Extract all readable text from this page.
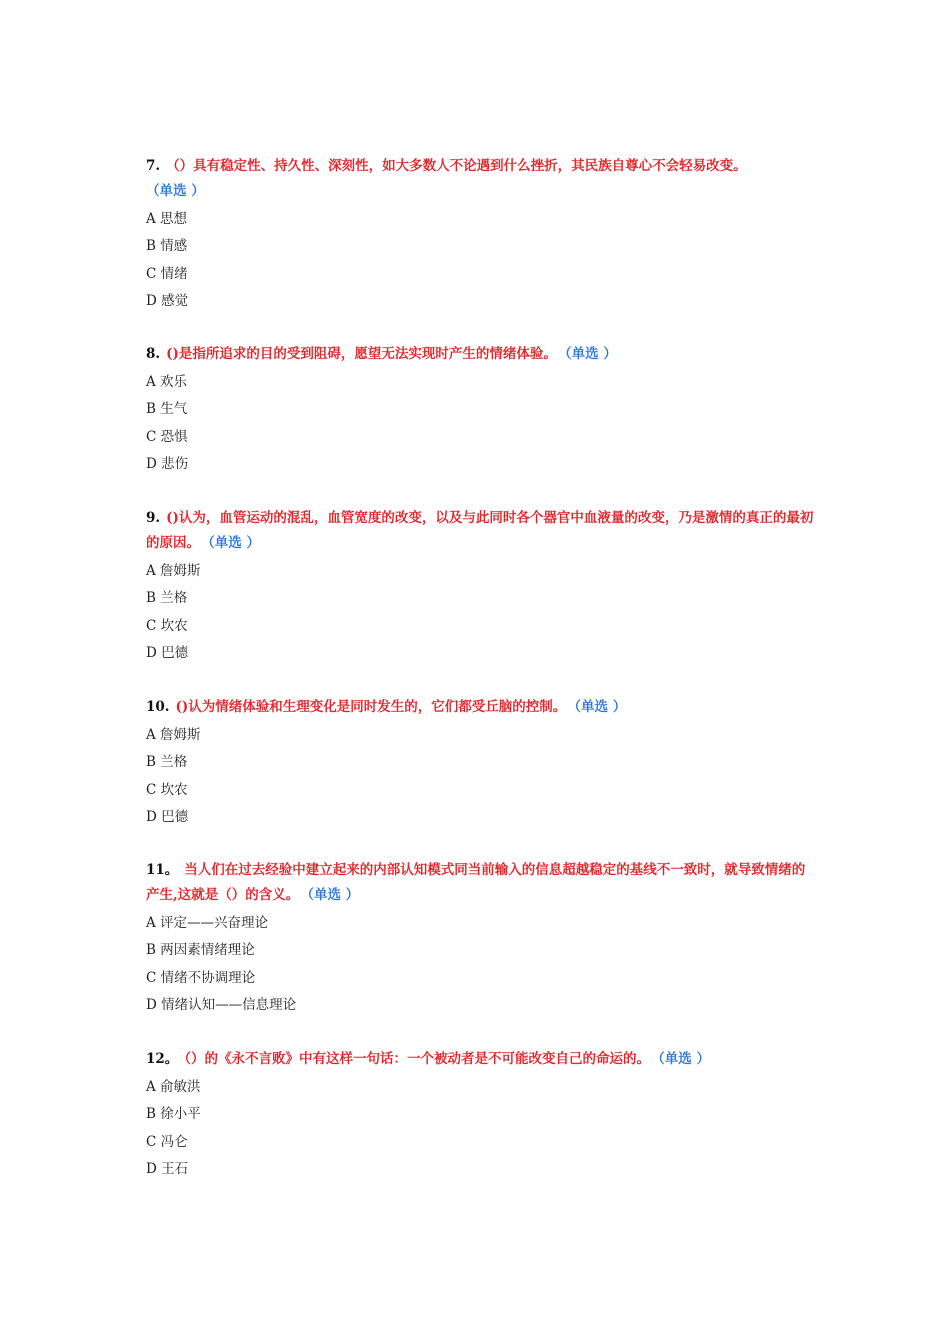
7. （）具有稳定性、持久性、深刻性，如大多数人不论遇到什么挫折，其民族自尊心不会轻易改变。
（单选 ）

A 思想
B 情感
C 情绪
D 感觉

8. ()是指所追求的目的受到阻碍，愿望无法实现时产生的情绪体验。 （单选 ）

A 欢乐
B 生气
C 恐惧
D 悲伤

9. ()认为，血管运动的混乱，血管宽度的改变，以及与此同时各个器官中血液量的改变，乃是激情的真正的最初的原因。 （单选 ）

A 詹姆斯
B 兰格
C 坎农
D 巴德

10. ()认为情绪体验和生理变化是同时发生的，它们都受丘脑的控制。 （单选 ）

A 詹姆斯
B 兰格
C 坎农
D 巴德

11。 当人们在过去经验中建立起来的内部认知模式同当前输入的信息超越稳定的基线不一致时，就导致情绪的产生,这就是（）的含义。 （单选 ）

A 评定——兴奋理论
B 两因素情绪理论
C 情绪不协调理论
D 情绪认知——信息理论

12。 （）的《永不言败》中有这样一句话：一个被动者是不可能改变自己的命运的。 （单选 ）

A 俞敏洪
B 徐小平
C 冯仑
D 王石
